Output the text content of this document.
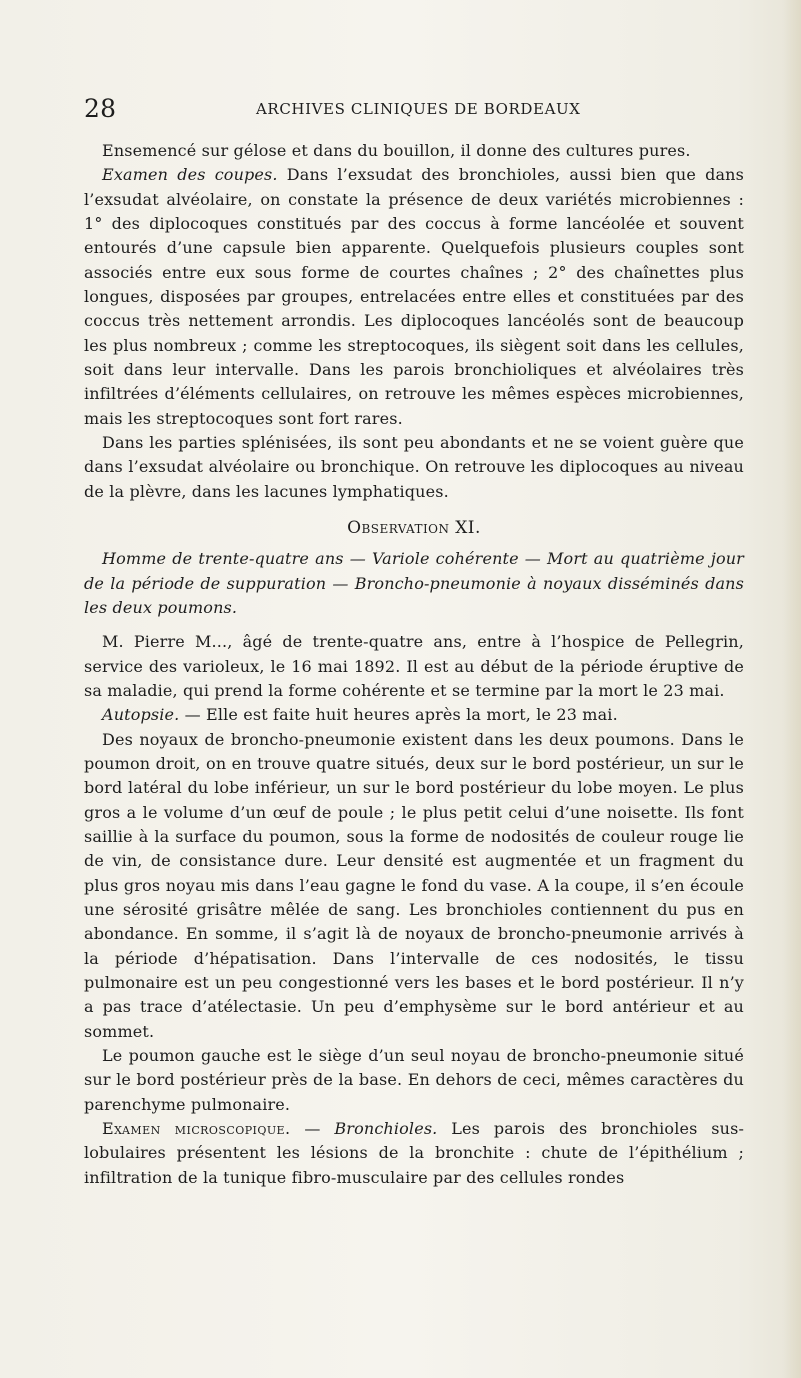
28	ARCHIVES CLINIQUES DE BORDEAUX

Ensemencé sur gélose et dans du bouillon, il donne des cultures pures.

Examen des coupes. Dans l’exsudat des bronchioles, aussi bien que dans l’exsudat alvéolaire, on constate la présence de deux variétés microbiennes : 1° des diplocoques constitués par des coccus à forme lancéolée et souvent entourés d’une capsule bien apparente. Quelquefois plusieurs couples sont associés entre eux sous forme de courtes chaînes ; 2° des chaînettes plus longues, disposées par groupes, entrelacées entre elles et constituées par des coccus très nettement arrondis. Les diplocoques lancéolés sont de beaucoup les plus nombreux ; comme les streptocoques, ils siègent soit dans les cellules, soit dans leur intervalle. Dans les parois bronchioliques et alvéolaires très infiltrées d’éléments cellulaires, on retrouve les mêmes espèces microbiennes, mais les streptocoques sont fort rares.

Dans les parties splénisées, ils sont peu abondants et ne se voient guère que dans l’exsudat alvéolaire ou bronchique. On retrouve les diplocoques au niveau de la plèvre, dans les lacunes lymphatiques.

Observation XI.

Homme de trente-quatre ans — Variole cohérente — Mort au quatrième jour de la période de suppuration — Broncho-pneumonie à noyaux disséminés dans les deux poumons.

M. Pierre M..., âgé de trente-quatre ans, entre à l’hospice de Pellegrin, service des varioleux, le 16 mai 1892. Il est au début de la période éruptive de sa maladie, qui prend la forme cohérente et se termine par la mort le 23 mai.

Autopsie. — Elle est faite huit heures après la mort, le 23 mai.

Des noyaux de broncho-pneumonie existent dans les deux poumons. Dans le poumon droit, on en trouve quatre situés, deux sur le bord postérieur, un sur le bord latéral du lobe inférieur, un sur le bord postérieur du lobe moyen. Le plus gros a le volume d’un œuf de poule ; le plus petit celui d’une noisette. Ils font saillie à la surface du poumon, sous la forme de nodosités de couleur rouge lie de vin, de consistance dure. Leur densité est augmentée et un fragment du plus gros noyau mis dans l’eau gagne le fond du vase. A la coupe, il s’en écoule une sérosité grisâtre mêlée de sang. Les bronchioles contiennent du pus en abondance. En somme, il s’agit là de noyaux de broncho-pneumonie arrivés à la période d’hépatisation. Dans l’intervalle de ces nodosités, le tissu pulmonaire est un peu congestionné vers les bases et le bord postérieur. Il n’y a pas trace d’atélectasie. Un peu d’emphysème sur le bord antérieur et au sommet.

Le poumon gauche est le siège d’un seul noyau de broncho-pneumonie situé sur le bord postérieur près de la base. En dehors de ceci, mêmes caractères du parenchyme pulmonaire.

Examen microscopique. — Bronchioles. Les parois des bronchioles sus-lobulaires présentent les lésions de la bronchite : chute de l’épithélium ; infiltration de la tunique fibro-musculaire par des cellules rondes
